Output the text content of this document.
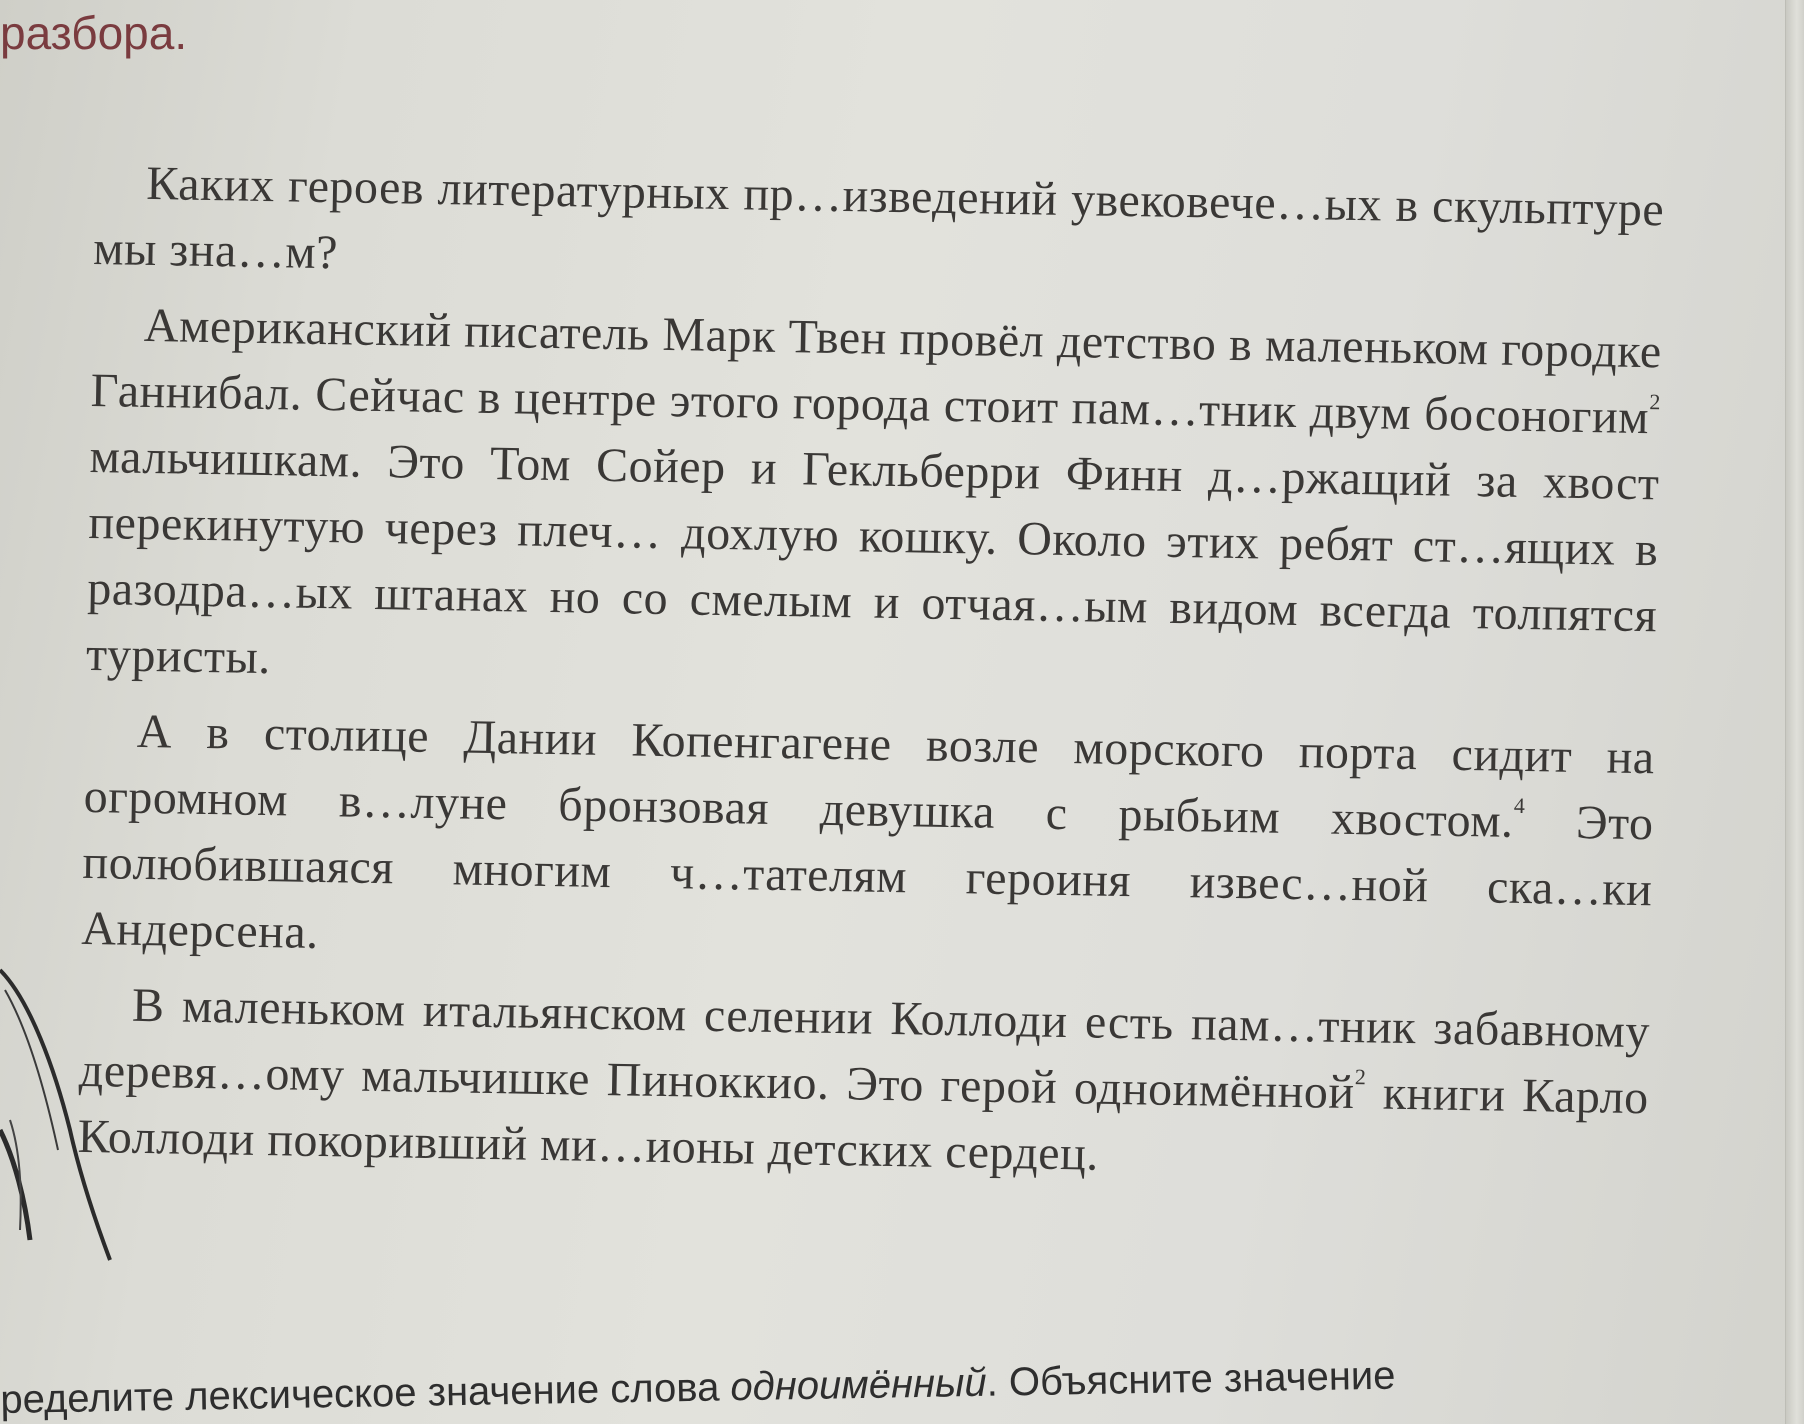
разбора.

Каких героев литературных пр…изведений увековече…ых в скульптуре мы зна…м?

Американский писатель Марк Твен провёл детство в маленьком городке Ганнибал. Сейчас в центре этого города стоит пам…тник двум босоногим$^2$ мальчишкам. Это Том Сойер и Гекльберри Финн д…ржащий за хвост перекинутую через плеч… дохлую кошку. Около этих ребят ст…ящих в разодра…ых штанах но со смелым и отчая…ым видом всегда толпятся туристы.

А в столице Дании Копенгагене возле морского порта сидит на огромном в…луне бронзовая девушка с рыбьим хвостом.$^4$ Это полюбившаяся многим ч…тателям героиня извес…ной ска…ки Андерсена.

В маленьком итальянском селении Коллоди есть пам…тник забавному деревя…ому мальчишке Пиноккио. Это герой одноимённой$^2$ книги Карло Коллоди покоривший ми…ионы детских сердец.

ределите лексическое значение слова одноимённый. Объясните значение
